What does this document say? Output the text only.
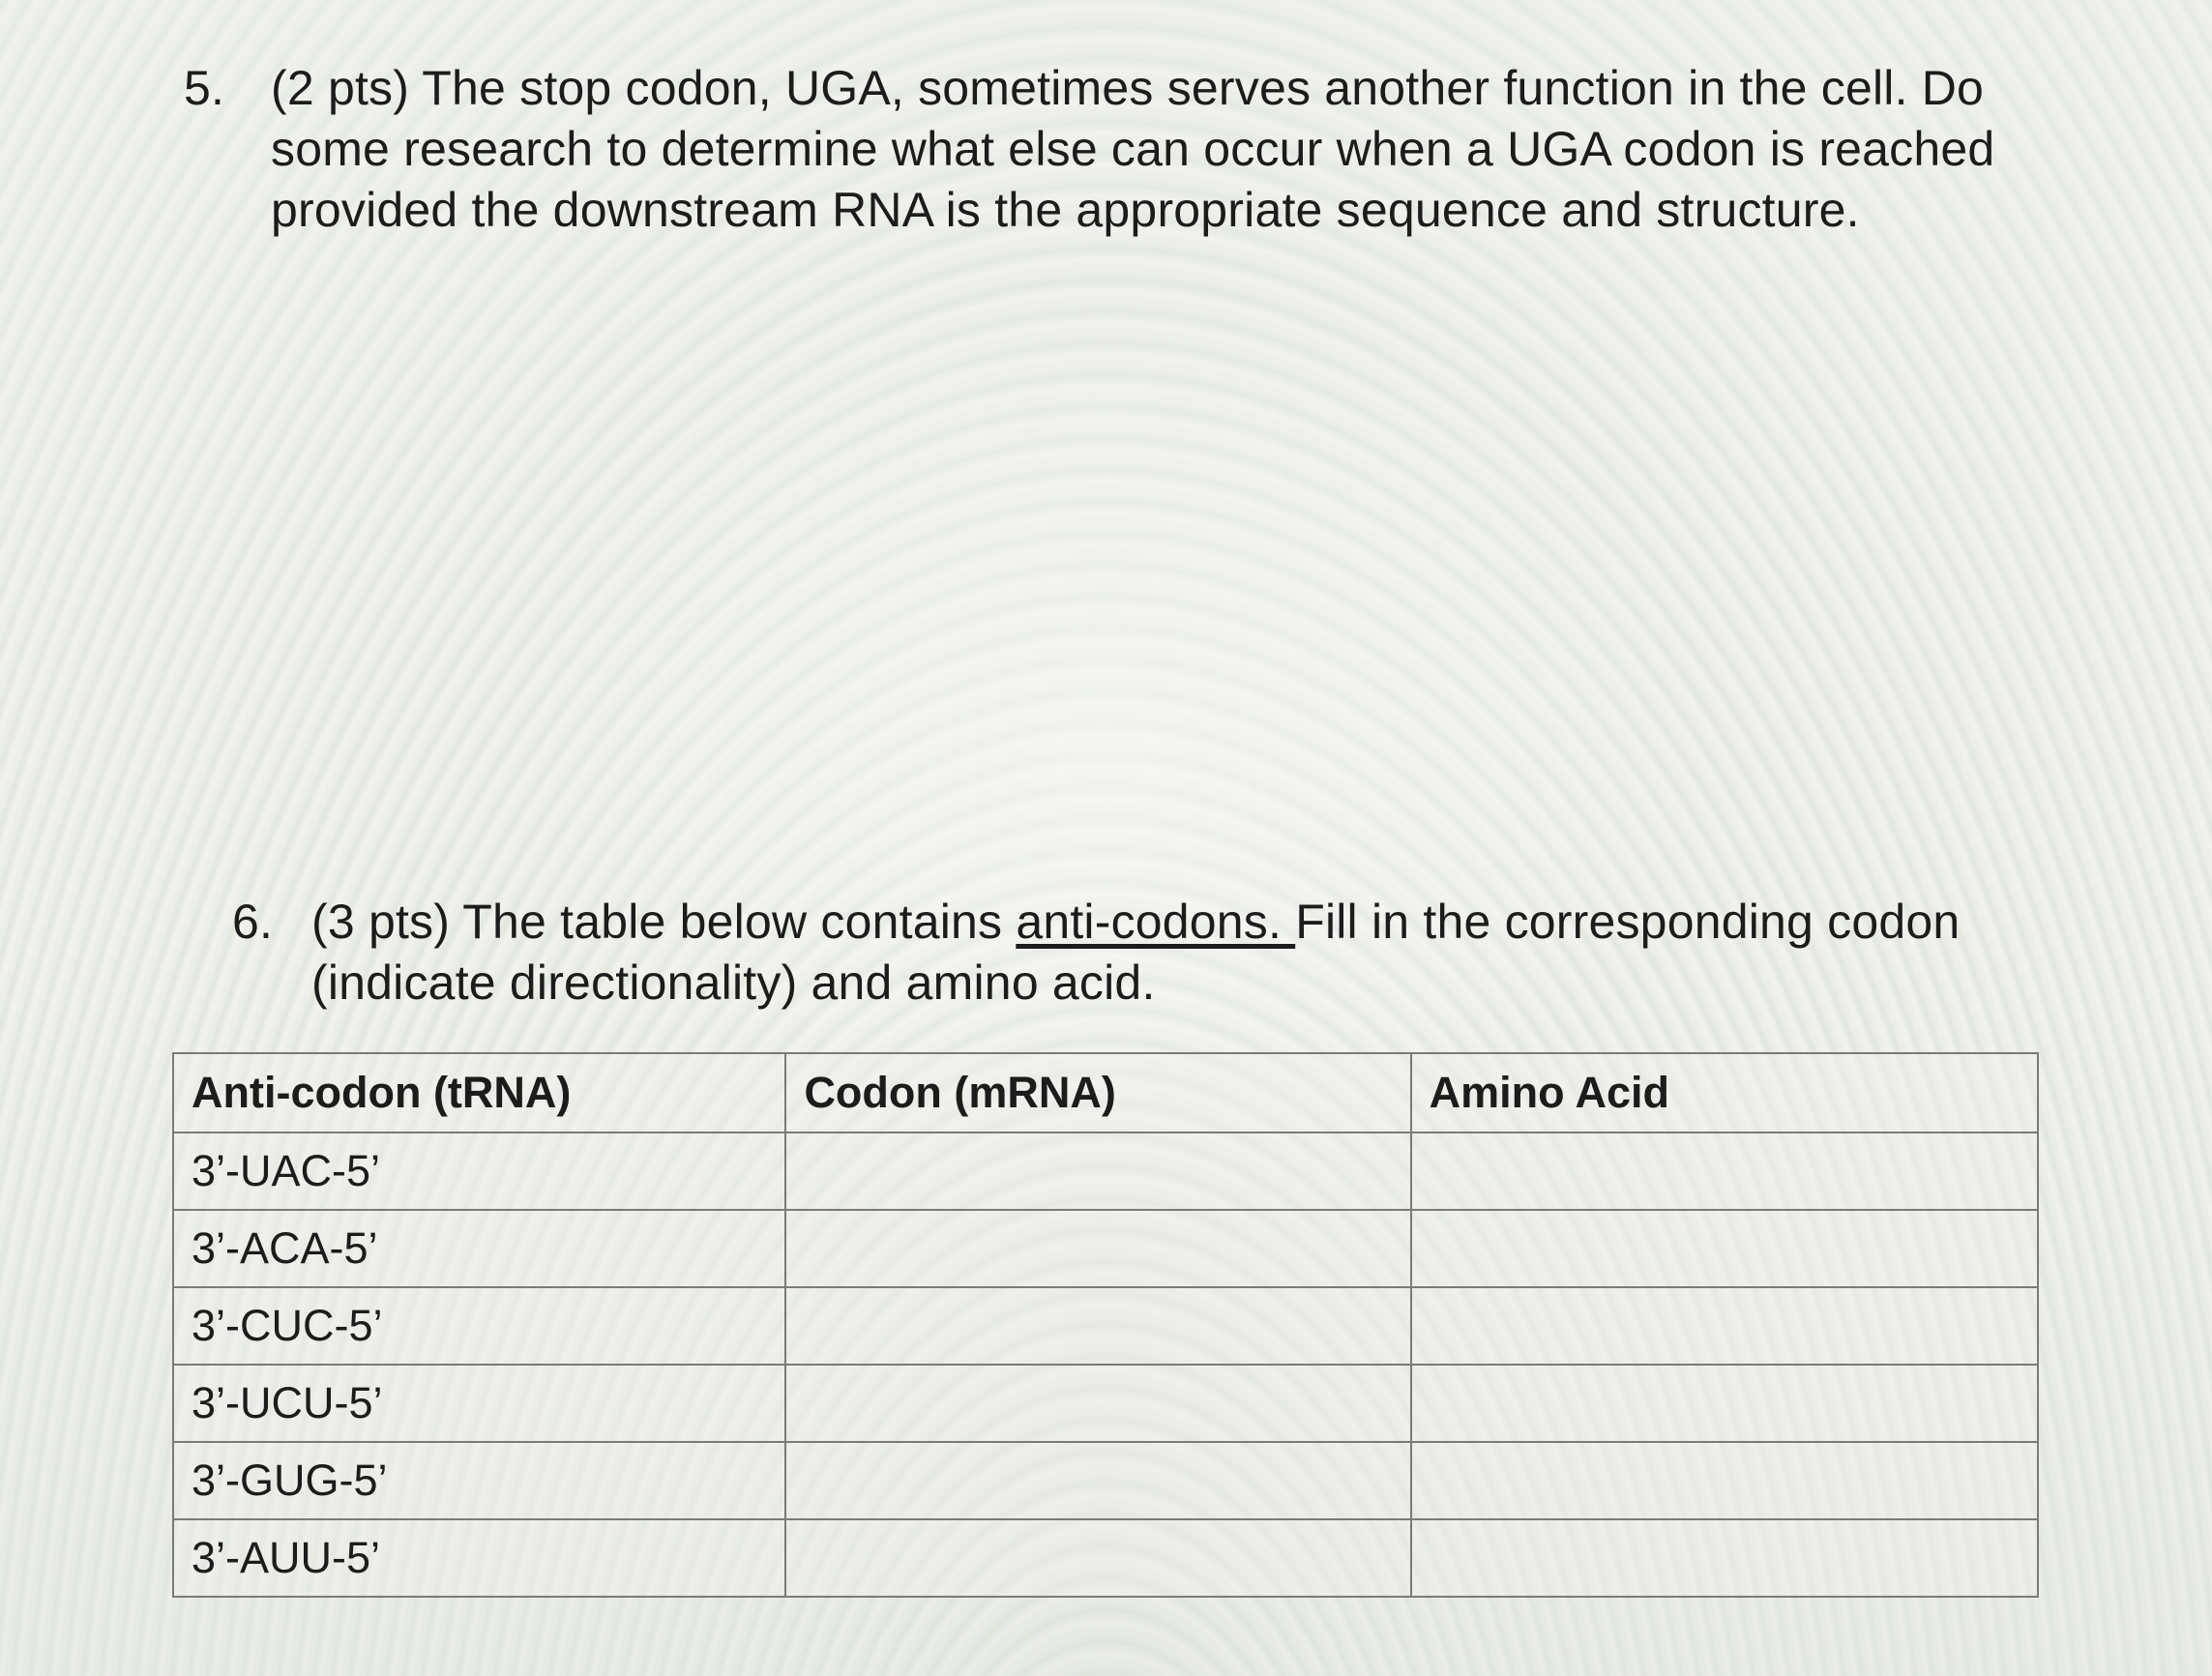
5. (2 pts) The stop codon, UGA, sometimes serves another function in the cell. Do some research to determine what else can occur when a UGA codon is reached provided the downstream RNA is the appropriate sequence and structure.
6. (3 pts) The table below contains anti-codons. Fill in the corresponding codon (indicate directionality) and amino acid.
Anti-codon (tRNA)	Codon (mRNA)	Amino Acid
3’-UAC-5’		
3’-ACA-5’		
3’-CUC-5’		
3’-UCU-5’		
3’-GUG-5’		
3’-AUU-5’		
